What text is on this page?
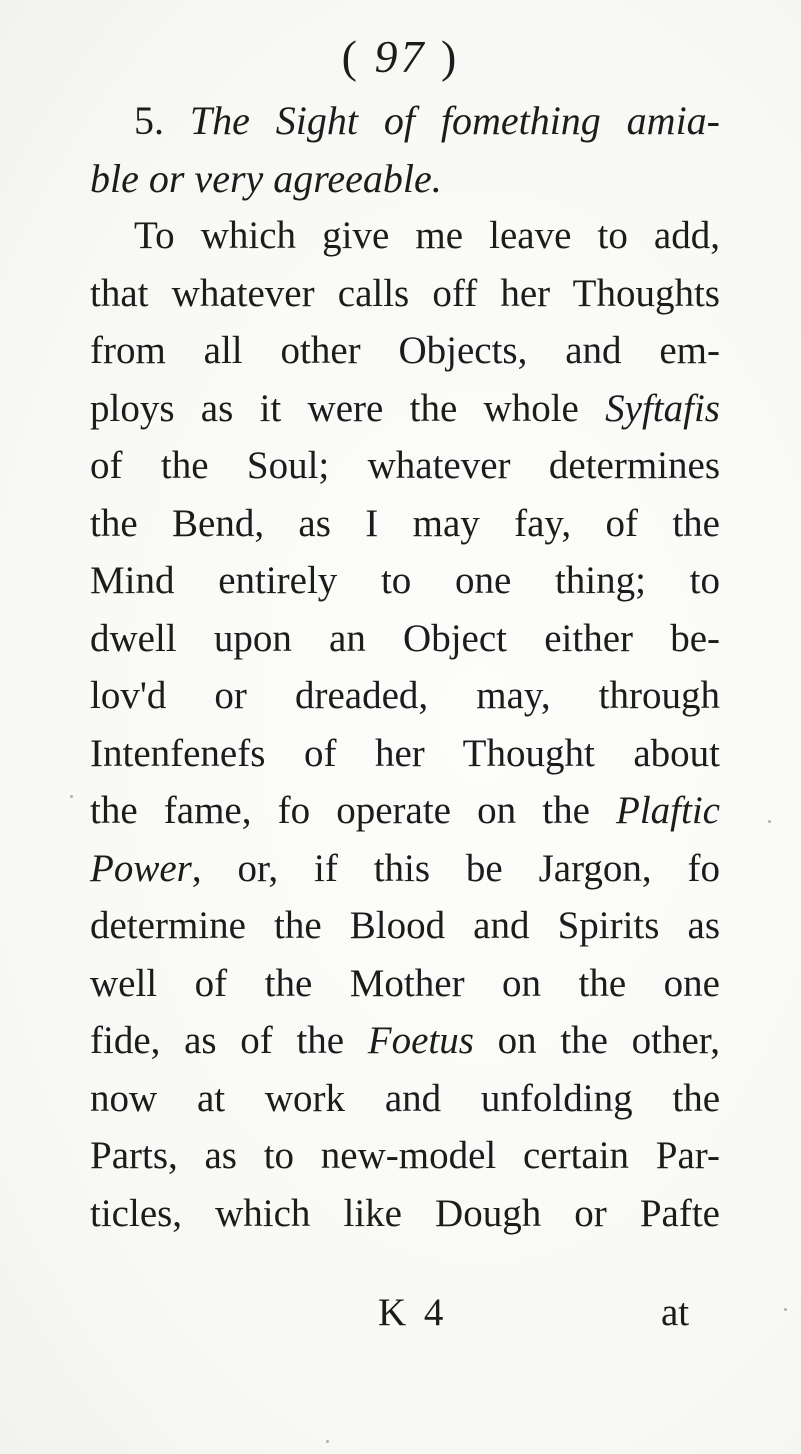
( 97 )
5. The Sight of fomething amia-
ble or very agreeable.
To which give me leave to add,
that whatever calls off her Thoughts
from all other Objects, and em-
ploys as it were the whole Syftafis
of the Soul; whatever determines
the Bend, as I may fay, of the
Mind entirely to one thing; to
dwell upon an Object either be-
lov'd or dreaded, may, through
Intenfenefs of her Thought about
the fame, fo operate on the Plaftic
Power, or, if this be Jargon, fo
determine the Blood and Spirits as
well of the Mother on the one
fide, as of the Foetus on the other,
now at work and unfolding the
Parts, as to new-model certain Par-
ticles, which like Dough or Pafte
K 4	at
